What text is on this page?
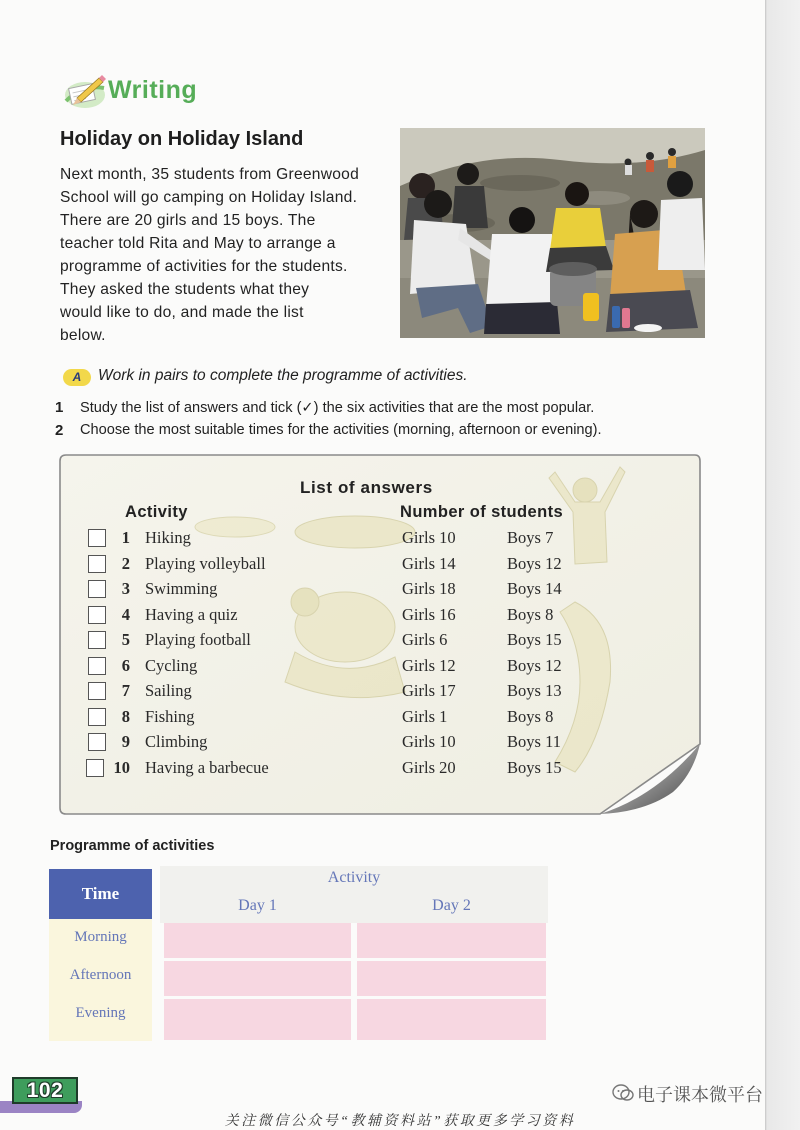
Writing
Holiday on Holiday Island
Next month, 35 students from Greenwood
School will go camping on Holiday Island.
There are 20 girls and 15 boys. The
teacher told Rita and May to arrange a
programme of activities for the students.
They asked the students what they
would like to do, and made the list
below.
A	Work in pairs to complete the programme of activities.
1 Study the list of answers and tick (✓) the six activities that are the most popular.
2 Choose the most suitable times for the activities (morning, afternoon or evening).
List of answers
Activity	Number of students
1 Hiking	Girls 10	Boys 7
2 Playing volleyball	Girls 14	Boys 12
3 Swimming	Girls 18	Boys 14
4 Having a quiz	Girls 16	Boys 8
5 Playing football	Girls 6	Boys 15
6 Cycling	Girls 12	Boys 12
7 Sailing	Girls 17	Boys 13
8 Fishing	Girls 1	Boys 8
9 Climbing	Girls 10	Boys 11
10 Having a barbecue	Girls 20	Boys 15
Programme of activities
Time
Activity
Day 1	Day 2
Morning
Afternoon
Evening
102	电子课本微平台
关注微信公众号“教辅资料站”获取更多学习资料
